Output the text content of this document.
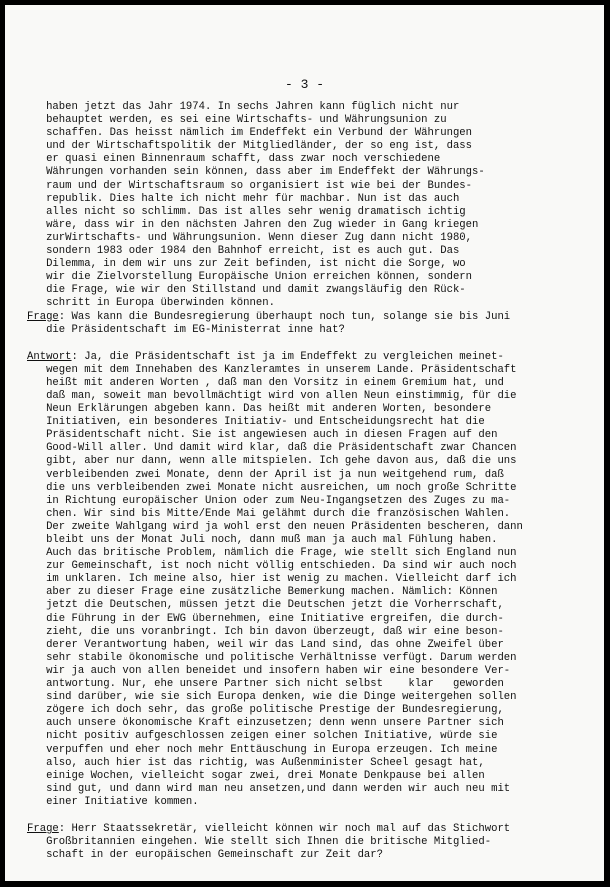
- 3 -
haben jetzt das Jahr 1974. In sechs Jahren kann füglich nicht nur
behauptet werden, es sei eine Wirtschafts- und Währungsunion zu
schaffen. Das heisst nämlich im Endeffekt ein Verbund der Währungen
und der Wirtschaftspolitik der Mitgliedländer, der so eng ist, dass
er quasi einen Binnenraum schafft, dass zwar noch verschiedene
Währungen vorhanden sein können, dass aber im Endeffekt der Währungs-
raum und der Wirtschaftsraum so organisiert ist wie bei der Bundes-
republik. Dies halte ich nicht mehr für machbar. Nun ist das auch
alles nicht so schlimm. Das ist alles sehr wenig dramatisch ichtig
wäre, dass wir in den nächsten Jahren den Zug wieder in Gang kriegen
zurWirtschafts- und Währungsunion. Wenn dieser Zug dann nicht 1980,
sondern 1983 oder 1984 den Bahnhof erreicht, ist es auch gut. Das
Dilemma, in dem wir uns zur Zeit befinden, ist nicht die Sorge, wo
wir die Zielvorstellung Europäische Union erreichen können, sondern
die Frage, wie wir den Stillstand und damit zwangsläufig den Rück-
schritt in Europa überwinden können.
Frage: Was kann die Bundesregierung überhaupt noch tun, solange sie bis Juni
die Präsidentschaft im EG-Ministerrat inne hat?
Antwort: Ja, die Präsidentschaft ist ja im Endeffekt zu vergleichen meinet-
wegen mit dem Innehaben des Kanzleramtes in unserem Lande. Präsidentschaft
heißt mit anderen Worten , daß man den Vorsitz in einem Gremium hat, und
daß man, soweit man bevollmächtigt wird von allen Neun einstimmig, für die
Neun Erklärungen abgeben kann. Das heißt mit anderen Worten, besondere
Initiativen, ein besonderes Initiativ- und Entscheidungsrecht hat die
Präsidentschaft nicht. Sie ist angewiesen auch in diesen Fragen auf den
Good-Will aller. Und damit wird klar, daß die Präsidentschaft zwar Chancen
gibt, aber nur dann, wenn alle mitspielen. Ich gehe davon aus, daß die uns
verbleibenden zwei Monate, denn der April ist ja nun weitgehend rum, daß
die uns verbleibenden zwei Monate nicht ausreichen, um noch große Schritte
in Richtung europäischer Union oder zum Neu-Ingangsetzen des Zuges zu ma-
chen. Wir sind bis Mitte/Ende Mai gelähmt durch die französischen Wahlen.
Der zweite Wahlgang wird ja wohl erst den neuen Präsidenten bescheren, dann
bleibt uns der Monat Juli noch, dann muß man ja auch mal Fühlung haben.
Auch das britische Problem, nämlich die Frage, wie stellt sich England nun
zur Gemeinschaft, ist noch nicht völlig entschieden. Da sind wir auch noch
im unklaren. Ich meine also, hier ist wenig zu machen. Vielleicht darf ich
aber zu dieser Frage eine zusätzliche Bemerkung machen. Nämlich: Können
jetzt die Deutschen, müssen jetzt die Deutschen jetzt die Vorherrschaft,
die Führung in der EWG übernehmen, eine Initiative ergreifen, die durch-
zieht, die uns voranbringt. Ich bin davon überzeugt, daß wir eine beson-
derer Verantwortung haben, weil wir das Land sind, das ohne Zweifel über
sehr stabile ökonomische und politische Verhältnisse verfügt. Darum werden
wir ja auch von allen beneidet und insofern haben wir eine besondere Ver-
antwortung. Nur, ehe unsere Partner sich nicht selbst    klar   geworden
sind darüber, wie sie sich Europa denken, wie die Dinge weitergehen sollen
zögere ich doch sehr, das große politische Prestige der Bundesregierung,
auch unsere ökonomische Kraft einzusetzen; denn wenn unsere Partner sich
nicht positiv aufgeschlossen zeigen einer solchen Initiative, würde sie
verpuffen und eher noch mehr Enttäuschung in Europa erzeugen. Ich meine
also, auch hier ist das richtig, was Außenminister Scheel gesagt hat,
einige Wochen, vielleicht sogar zwei, drei Monate Denkpause bei allen
sind gut, und dann wird man neu ansetzen,und dann werden wir auch neu mit
einer Initiative kommen.
Frage: Herr Staatssekretär, vielleicht können wir noch mal auf das Stichwort
Großbritannien eingehen. Wie stellt sich Ihnen die britische Mitglied-
schaft in der europäischen Gemeinschaft zur Zeit dar?
